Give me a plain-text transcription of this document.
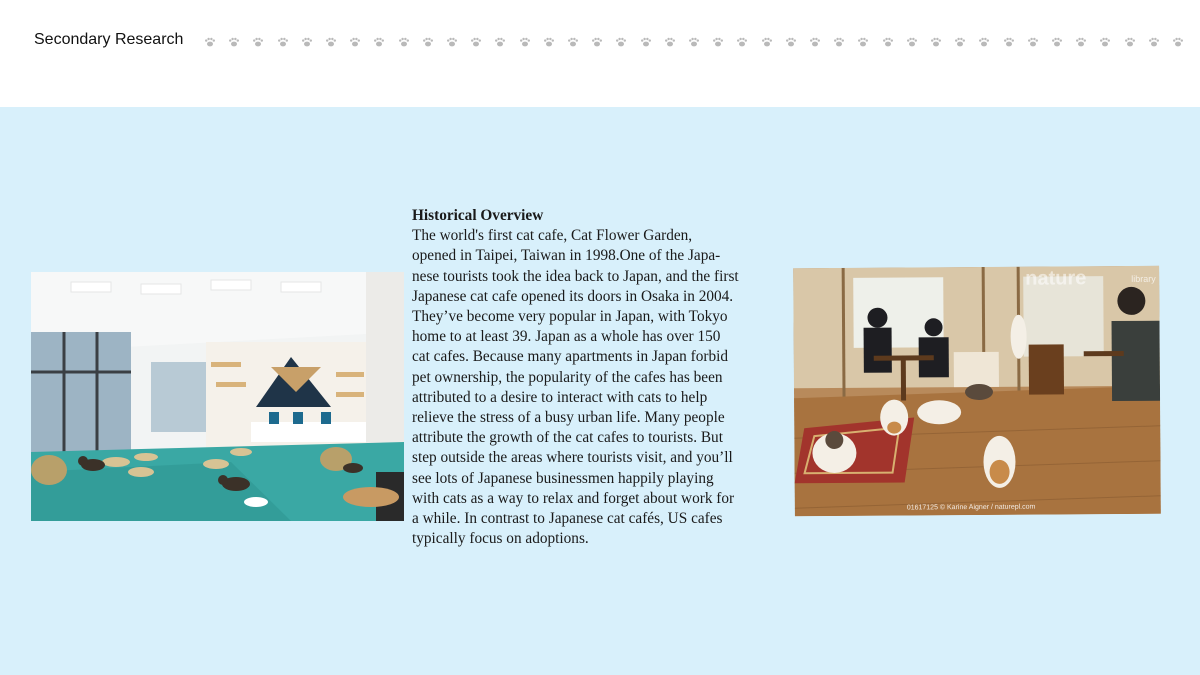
Secondary Research
Historical Overview
The world's first cat cafe, Cat Flower Garden,
opened in Taipei, Taiwan in 1998.One of the Japa-
nese tourists took the idea back to Japan, and the first
Japanese cat cafe opened its doors in Osaka in 2004.
They’ve become very popular in Japan, with Tokyo
home to at least 39. Japan as a whole has over 150
cat cafes. Because many apartments in Japan forbid
pet ownership, the popularity of the cafes has been
attributed to a desire to interact with cats to help
relieve the stress of a busy urban life. Many people
attribute the growth of the cat cafes to tourists. But
step outside the areas where tourists visit, and you’ll
see lots of Japanese businessmen happily playing
with cats as a way to relax and forget about work for
a while. In contrast to Japanese cat cafés, US cafes
typically focus on adoptions.
nature	library
01617125 © Karine Aigner / naturepl.com
